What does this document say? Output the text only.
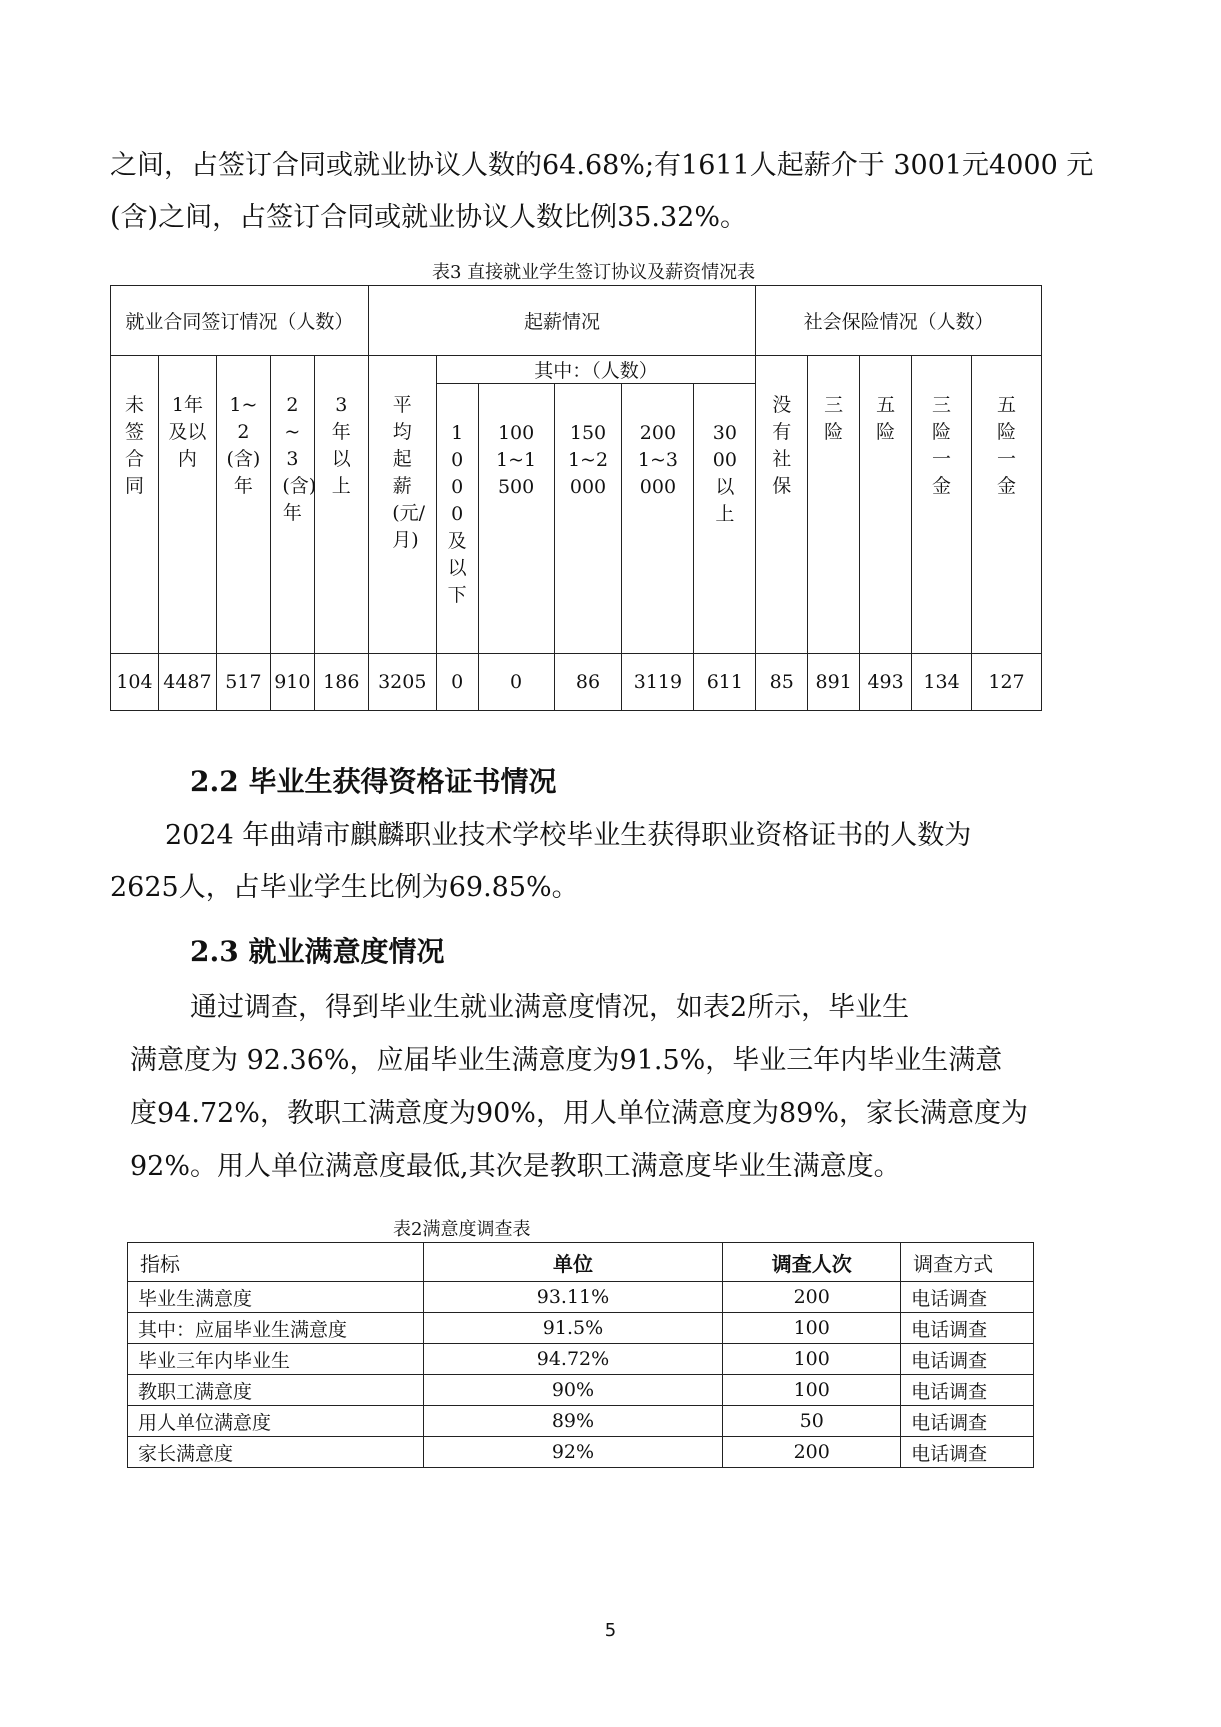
之间，占签订合同或就业协议人数的64.68%;有1611人起薪介于 3001元4000 元

(含)之间，占签订合同或就业协议人数比例35.32%。

表3 直接就业学生签订协议及薪资情况表

就业合同签订情况（人数）					起薪情况						社会保险情况（人数）				

未签合同	1年及以内	1~2(含)年	2~3(含)年	3年以上	平均起薪(元/月)	其中：（人数）					没有社保	三险	五险	三险一金	五险一金

						1000及以下	1001~1500	1501~2000	2001~3000	3000以上					

104	4487	517	910	186	3205	0	0	86	3119	611	85	891	493	134	127
2.2 毕业生获得资格证书情况

2024 年曲靖市麒麟职业技术学校毕业生获得职业资格证书的人数为

2625人，占毕业学生比例为69.85%。

2.3 就业满意度情况

通过调查，得到毕业生就业满意度情况，如表2所示，毕业生

满意度为 92.36%，应届毕业生满意度为91.5%，毕业三年内毕业生满意

度94.72%，教职工满意度为90%，用人单位满意度为89%，家长满意度为

92%。用人单位满意度最低,其次是教职工满意度毕业生满意度。

表2满意度调查表

指标	单位	调查人次	调查方式
毕业生满意度	93.11%	200	电话调查
其中：应届毕业生满意度	91.5%	100	电话调查
毕业三年内毕业生	94.72%	100	电话调查
教职工满意度	90%	100	电话调查
用人单位满意度	89%	50	电话调查
家长满意度	92%	200	电话调查
5
